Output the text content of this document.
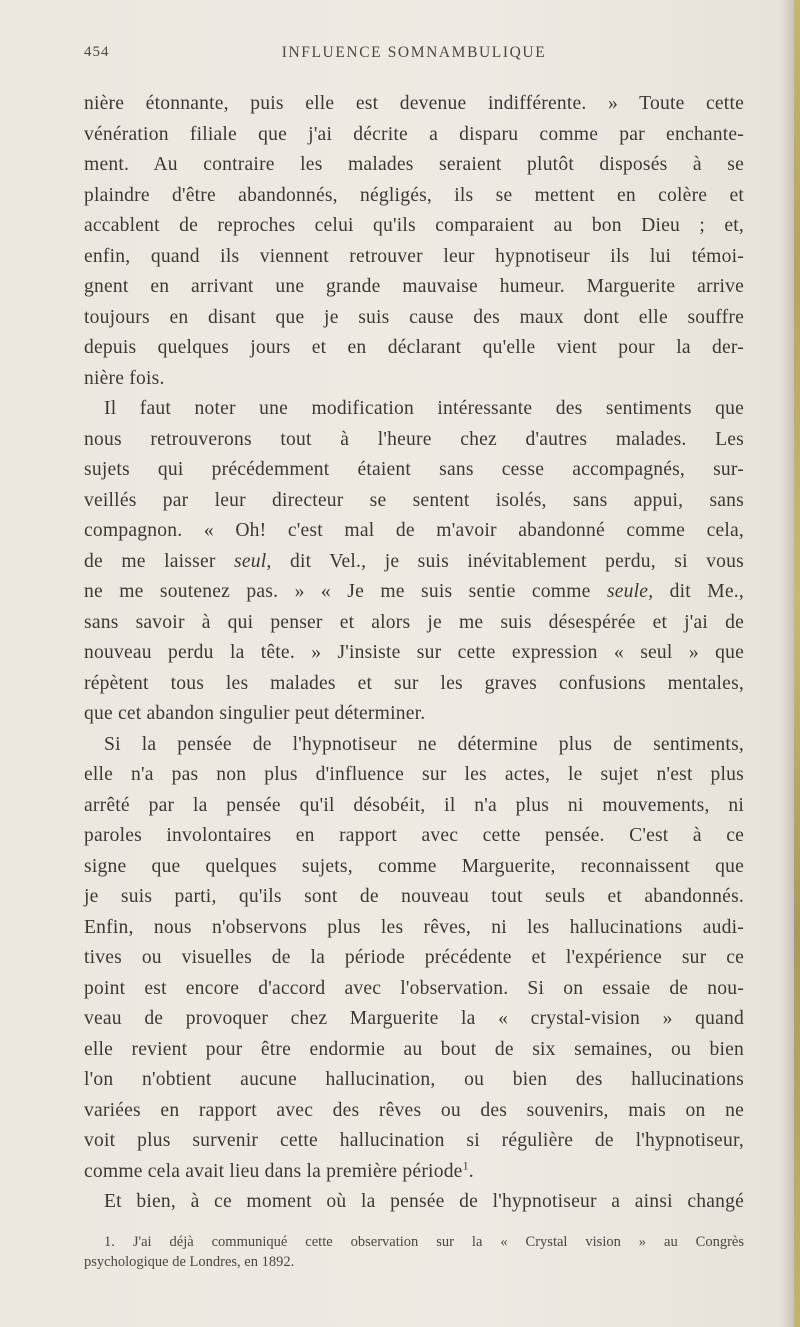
454	INFLUENCE SOMNAMBULIQUE
nière étonnante, puis elle est devenue indifférente. » Toute cette
vénération filiale que j'ai décrite a disparu comme par enchante-
ment. Au contraire les malades seraient plutôt disposés à se
plaindre d'être abandonnés, négligés, ils se mettent en colère et
accablent de reproches celui qu'ils comparaient au bon Dieu ; et,
enfin, quand ils viennent retrouver leur hypnotiseur ils lui témoi-
gnent en arrivant une grande mauvaise humeur. Marguerite arrive
toujours en disant que je suis cause des maux dont elle souffre
depuis quelques jours et en déclarant qu'elle vient pour la der-
nière fois.
Il faut noter une modification intéressante des sentiments que
nous retrouverons tout à l'heure chez d'autres malades. Les
sujets qui précédemment étaient sans cesse accompagnés, sur-
veillés par leur directeur se sentent isolés, sans appui, sans
compagnon. « Oh! c'est mal de m'avoir abandonné comme cela,
de me laisser seul, dit Vel., je suis inévitablement perdu, si vous
ne me soutenez pas. » « Je me suis sentie comme seule, dit Me.,
sans savoir à qui penser et alors je me suis désespérée et j'ai de
nouveau perdu la tête. » J'insiste sur cette expression « seul » que
répètent tous les malades et sur les graves confusions mentales,
que cet abandon singulier peut déterminer.
Si la pensée de l'hypnotiseur ne détermine plus de sentiments,
elle n'a pas non plus d'influence sur les actes, le sujet n'est plus
arrêté par la pensée qu'il désobéit, il n'a plus ni mouvements, ni
paroles involontaires en rapport avec cette pensée. C'est à ce
signe que quelques sujets, comme Marguerite, reconnaissent que
je suis parti, qu'ils sont de nouveau tout seuls et abandonnés.
Enfin, nous n'observons plus les rêves, ni les hallucinations audi-
tives ou visuelles de la période précédente et l'expérience sur ce
point est encore d'accord avec l'observation. Si on essaie de nou-
veau de provoquer chez Marguerite la « crystal-vision » quand
elle revient pour être endormie au bout de six semaines, ou bien
l'on n'obtient aucune hallucination, ou bien des hallucinations
variées en rapport avec des rêves ou des souvenirs, mais on ne
voit plus survenir cette hallucination si régulière de l'hypnotiseur,
comme cela avait lieu dans la première période$^1$.
Et bien, à ce moment où la pensée de l'hypnotiseur a ainsi changé
1. J'ai déjà communiqué cette observation sur la « Crystal vision » au Congrès
psychologique de Londres, en 1892.
